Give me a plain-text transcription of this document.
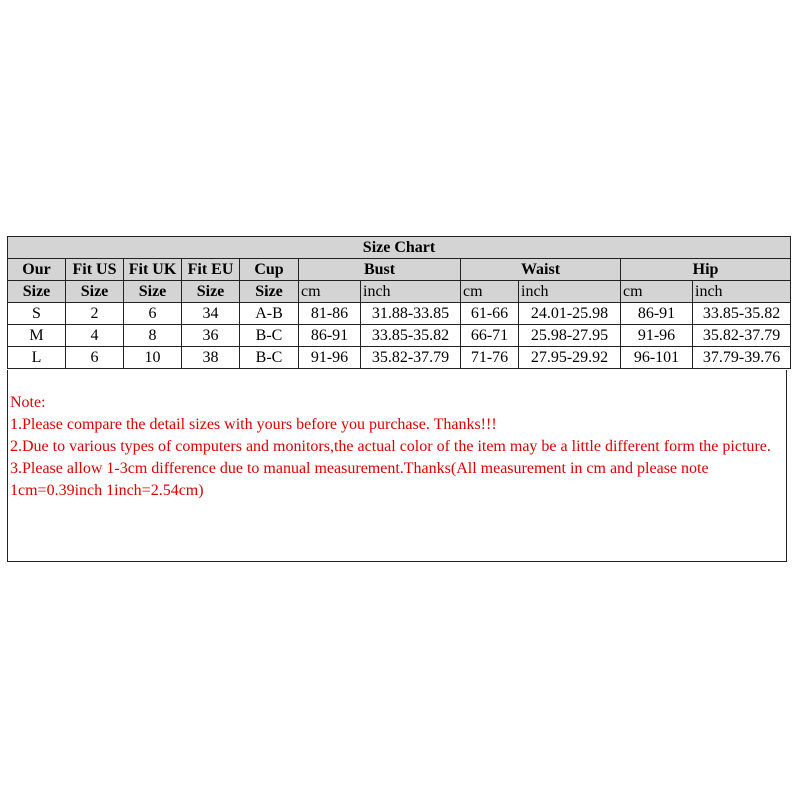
Size Chart										
Our	Fit US	Fit UK	Fit EU	Cup	Bust		Waist		Hip	
Size	Size	Size	Size	Size	cm	inch	cm	inch	cm	inch
S	2	6	34	A-B	81-86	31.88-33.85	61-66	24.01-25.98	86-91	33.85-35.82
M	4	8	36	B-C	86-91	33.85-35.82	66-71	25.98-27.95	91-96	35.82-37.79
L	6	10	38	B-C	91-96	35.82-37.79	71-76	27.95-29.92	96-101	37.79-39.76
Note:
1.Please compare the detail sizes with yours before you purchase. Thanks!!!
2.Due to various types of computers and monitors,the actual color of the item may be a little different form the picture.
3.Please allow 1-3cm difference due to manual measurement.Thanks(All measurement in cm and please note 1cm=0.39inch 1inch=2.54cm)
